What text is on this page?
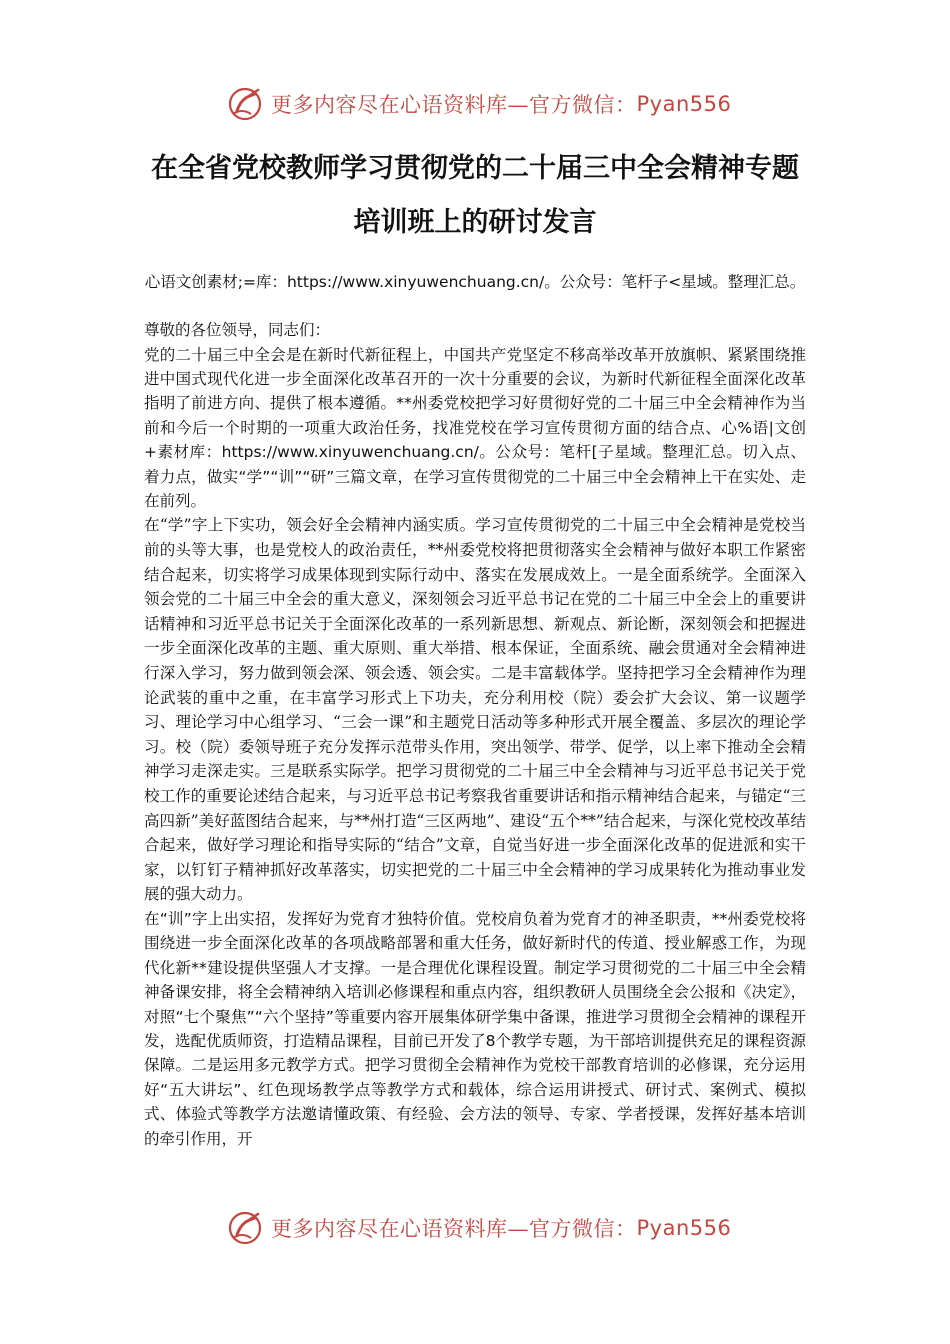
更多内容尽在心语资料库—官方微信： Pyan556
在全省党校教师学习贯彻党的二十届三中全会精神专题培训班上的研讨发言
心语文创素材;=库：https://www.xinyuwenchuang.cn/。公众号：笔杆子<星域。整理汇总。

尊敬的各位领导，同志们：

党的二十届三中全会是在新时代新征程上，中国共产党坚定不移高举改革开放旗帜、紧紧围绕推进中国式现代化进一步全面深化改革召开的一次十分重要的会议，为新时代新征程全面深化改革指明了前进方向、提供了根本遵循。**州委党校把学习好贯彻好党的二十届三中全会精神作为当前和今后一个时期的一项重大政治任务，找准党校在学习宣传贯彻方面的结合点、心%语|文创+素材库：https://www.xinyuwenchuang.cn/。公众号：笔杆[子星域。整理汇总。切入点、着力点，做实“学”“训”“研”三篇文章，在学习宣传贯彻党的二十届三中全会精神上干在实处、走在前列。

在“学”字上下实功，领会好全会精神内涵实质。学习宣传贯彻党的二十届三中全会精神是党校当前的头等大事，也是党校人的政治责任，**州委党校将把贯彻落实全会精神与做好本职工作紧密结合起来，切实将学习成果体现到实际行动中、落实在发展成效上。一是全面系统学。全面深入领会党的二十届三中全会的重大意义，深刻领会习近平总书记在党的二十届三中全会上的重要讲话精神和习近平总书记关于全面深化改革的一系列新思想、新观点、新论断，深刻领会和把握进一步全面深化改革的主题、重大原则、重大举措、根本保证，全面系统、融会贯通对全会精神进行深入学习，努力做到领会深、领会透、领会实。二是丰富载体学。坚持把学习全会精神作为理论武装的重中之重，在丰富学习形式上下功夫，充分利用校（院）委会扩大会议、第一议题学习、理论学习中心组学习、“三会一课”和主题党日活动等多种形式开展全覆盖、多层次的理论学习。校（院）委领导班子充分发挥示范带头作用，突出领学、带学、促学，以上率下推动全会精神学习走深走实。三是联系实际学。把学习贯彻党的二十届三中全会精神与习近平总书记关于党校工作的重要论述结合起来，与习近平总书记考察我省重要讲话和指示精神结合起来，与锚定“三高四新”美好蓝图结合起来，与**州打造“三区两地”、建设“五个**”结合起来，与深化党校改革结合起来，做好学习理论和指导实际的“结合”文章，自觉当好进一步全面深化改革的促进派和实干家，以钉钉子精神抓好改革落实，切实把党的二十届三中全会精神的学习成果转化为推动事业发展的强大动力。

在“训”字上出实招，发挥好为党育才独特价值。党校肩负着为党育才的神圣职责，**州委党校将围绕进一步全面深化改革的各项战略部署和重大任务，做好新时代的传道、授业解惑工作，为现代化新**建设提供坚强人才支撑。一是合理优化课程设置。制定学习贯彻党的二十届三中全会精神备课安排，将全会精神纳入培训必修课程和重点内容，组织教研人员围绕全会公报和《决定》，对照“七个聚焦”“六个坚持”等重要内容开展集体研学集中备课，推进学习贯彻全会精神的课程开发，选配优质师资，打造精品课程，目前已开发了8个教学专题，为干部培训提供充足的课程资源保障。二是运用多元教学方式。把学习贯彻全会精神作为党校干部教育培训的必修课，充分运用好“五大讲坛”、红色现场教学点等教学方式和载体，综合运用讲授式、研讨式、案例式、模拟式、体验式等教学方法邀请懂政策、有经验、会方法的领导、专家、学者授课，发挥好基本培训的牵引作用，开

更多内容尽在心语资料库—官方微信： Pyan556
